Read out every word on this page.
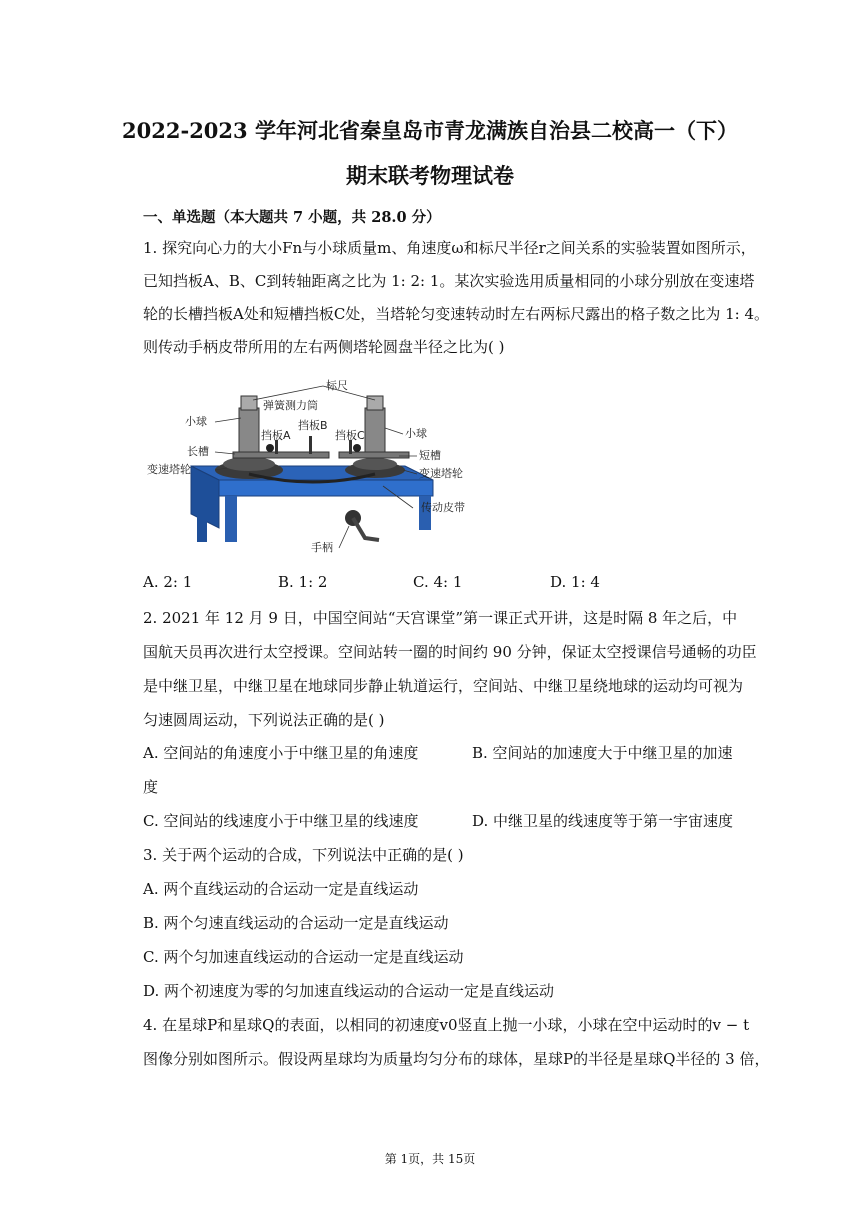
2022-2023 学年河北省秦皇岛市青龙满族自治县二校高一（下）
期末联考物理试卷
一、单选题（本大题共 7 小题，共 28.0 分）
1. 探究向心力的大小Fn与小球质量m、角速度ω和标尺半径r之间关系的实验装置如图所示，
已知挡板A、B、C到转轴距离之比为 1: 2: 1。某次实验选用质量相同的小球分别放在变速塔
轮的长槽挡板A处和短槽挡板C处，当塔轮匀变速转动时左右两标尺露出的格子数之比为 1: 4。
则传动手柄皮带所用的左右两侧塔轮圆盘半径之比为( )
标尺
小球
弹簧测力筒
挡板B
挡板A	挡板C	小球
长槽	短槽
变速塔轮	变速塔轮
传动皮带
手柄
A. 2: 1	B. 1: 2	C. 4: 1	D. 1: 4
2. 2021 年 12 月 9 日，中国空间站“天宫课堂”第一课正式开讲，这是时隔 8 年之后，中
国航天员再次进行太空授课。空间站转一圈的时间约 90 分钟，保证太空授课信号通畅的功臣
是中继卫星，中继卫星在地球同步静止轨道运行，空间站、中继卫星绕地球的运动均可视为
匀速圆周运动，下列说法正确的是( )
A. 空间站的角速度小于中继卫星的角速度	B. 空间站的加速度大于中继卫星的加速
度
C. 空间站的线速度小于中继卫星的线速度	D. 中继卫星的线速度等于第一宇宙速度
3. 关于两个运动的合成，下列说法中正确的是( )
A. 两个直线运动的合运动一定是直线运动
B. 两个匀速直线运动的合运动一定是直线运动
C. 两个匀加速直线运动的合运动一定是直线运动
D. 两个初速度为零的匀加速直线运动的合运动一定是直线运动
4. 在星球P和星球Q的表面，以相同的初速度v0竖直上抛一小球，小球在空中运动时的v − t
图像分别如图所示。假设两星球均为质量均匀分布的球体，星球P的半径是星球Q半径的 3 倍，
第 1页，共 15页
